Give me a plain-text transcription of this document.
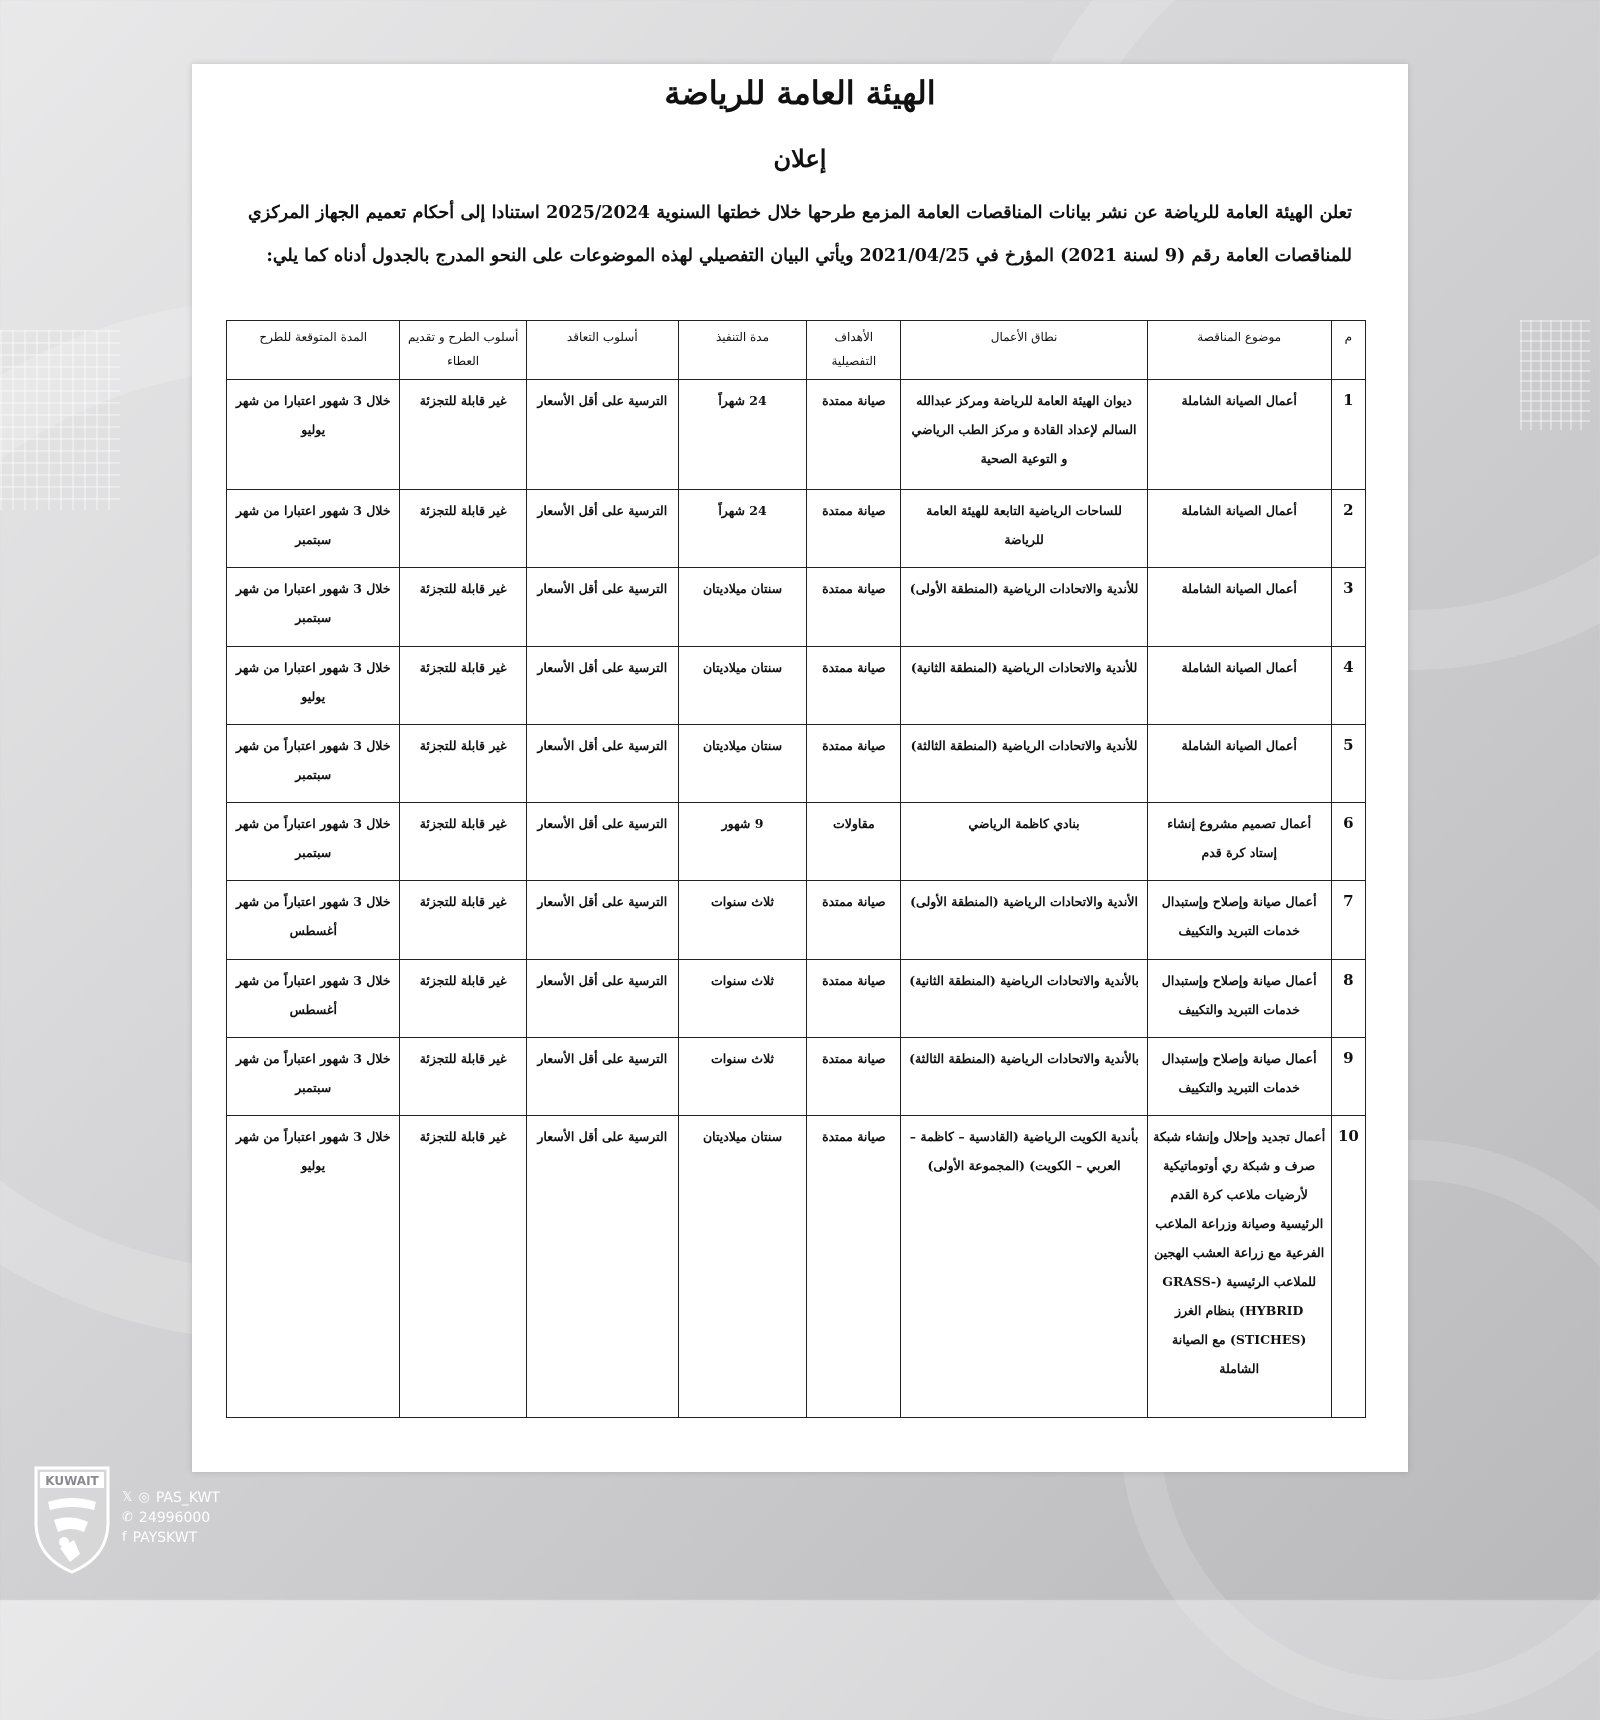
الهيئة العامة للرياضة
إعلان
تعلن الهيئة العامة للرياضة عن نشر بيانات المناقصات العامة المزمع طرحها خلال خطتها السنوية 2025/2024 استنادا إلى أحكام تعميم الجهاز المركزي للمناقصات العامة رقم (9 لسنة 2021) المؤرخ في 2021/04/25 ويأتي البيان التفصيلي لهذه الموضوعات على النحو المدرج بالجدول أدناه كما يلي:
م	موضوع المناقصة	نطاق الأعمال	الأهداف التفصيلية	مدة التنفيذ	أسلوب التعاقد	أسلوب الطرح و تقديم العطاء	المدة المتوقعة للطرح
1	أعمال الصيانة الشاملة	ديوان الهيئة العامة للرياضة ومركز عبدالله السالم لإعداد القادة و مركز الطب الرياضي و التوعية الصحية	صيانة ممتدة	24 شهراً	الترسية على أقل الأسعار	غير قابلة للتجزئة	خلال 3 شهور اعتبارا من شهر يوليو
2	أعمال الصيانة الشاملة	للساحات الرياضية التابعة للهيئة العامة للرياضة	صيانة ممتدة	24 شهراً	الترسية على أقل الأسعار	غير قابلة للتجزئة	خلال 3 شهور اعتبارا من شهر سبتمبر
3	أعمال الصيانة الشاملة	للأندية والاتحادات الرياضية (المنطقة الأولى)	صيانة ممتدة	سنتان ميلاديتان	الترسية على أقل الأسعار	غير قابلة للتجزئة	خلال 3 شهور اعتبارا من شهر سبتمبر
4	أعمال الصيانة الشاملة	للأندية والاتحادات الرياضية (المنطقة الثانية)	صيانة ممتدة	سنتان ميلاديتان	الترسية على أقل الأسعار	غير قابلة للتجزئة	خلال 3 شهور اعتبارا من شهر يوليو
5	أعمال الصيانة الشاملة	للأندية والاتحادات الرياضية (المنطقة الثالثة)	صيانة ممتدة	سنتان ميلاديتان	الترسية على أقل الأسعار	غير قابلة للتجزئة	خلال 3 شهور اعتباراً من شهر سبتمبر
6	أعمال تصميم مشروع إنشاء إستاد كرة قدم	بنادي كاظمة الرياضي	مقاولات	9 شهور	الترسية على أقل الأسعار	غير قابلة للتجزئة	خلال 3 شهور اعتباراً من شهر سبتمبر
7	أعمال صيانة وإصلاح وإستبدال خدمات التبريد والتكييف	الأندية والاتحادات الرياضية (المنطقة الأولى)	صيانة ممتدة	ثلاث سنوات	الترسية على أقل الأسعار	غير قابلة للتجزئة	خلال 3 شهور اعتباراً من شهر أغسطس
8	أعمال صيانة وإصلاح وإستبدال خدمات التبريد والتكييف	بالأندية والاتحادات الرياضية (المنطقة الثانية)	صيانة ممتدة	ثلاث سنوات	الترسية على أقل الأسعار	غير قابلة للتجزئة	خلال 3 شهور اعتباراً من شهر أغسطس
9	أعمال صيانة وإصلاح وإستبدال خدمات التبريد والتكييف	بالأندية والاتحادات الرياضية (المنطقة الثالثة)	صيانة ممتدة	ثلاث سنوات	الترسية على أقل الأسعار	غير قابلة للتجزئة	خلال 3 شهور اعتباراً من شهر سبتمبر
10	أعمال تجديد وإحلال وإنشاء شبكة صرف و شبكة ري أوتوماتيكية لأرضيات ملاعب كرة القدم الرئيسية وصيانة وزراعة الملاعب الفرعية مع زراعة العشب الهجين للملاعب الرئيسية (-GRASS HYBRID) بنظام الغرز (STICHES) مع الصيانة الشاملة	بأندية الكويت الرياضية (القادسية – كاظمة – العربي – الكويت) (المجموعة الأولى)	صيانة ممتدة	سنتان ميلاديتان	الترسية على أقل الأسعار	غير قابلة للتجزئة	خلال 3 شهور اعتباراً من شهر يوليو
KUWAIT
𝕏 ◎ PAS_KWT
✆ 24996000
f PAYSKWT
